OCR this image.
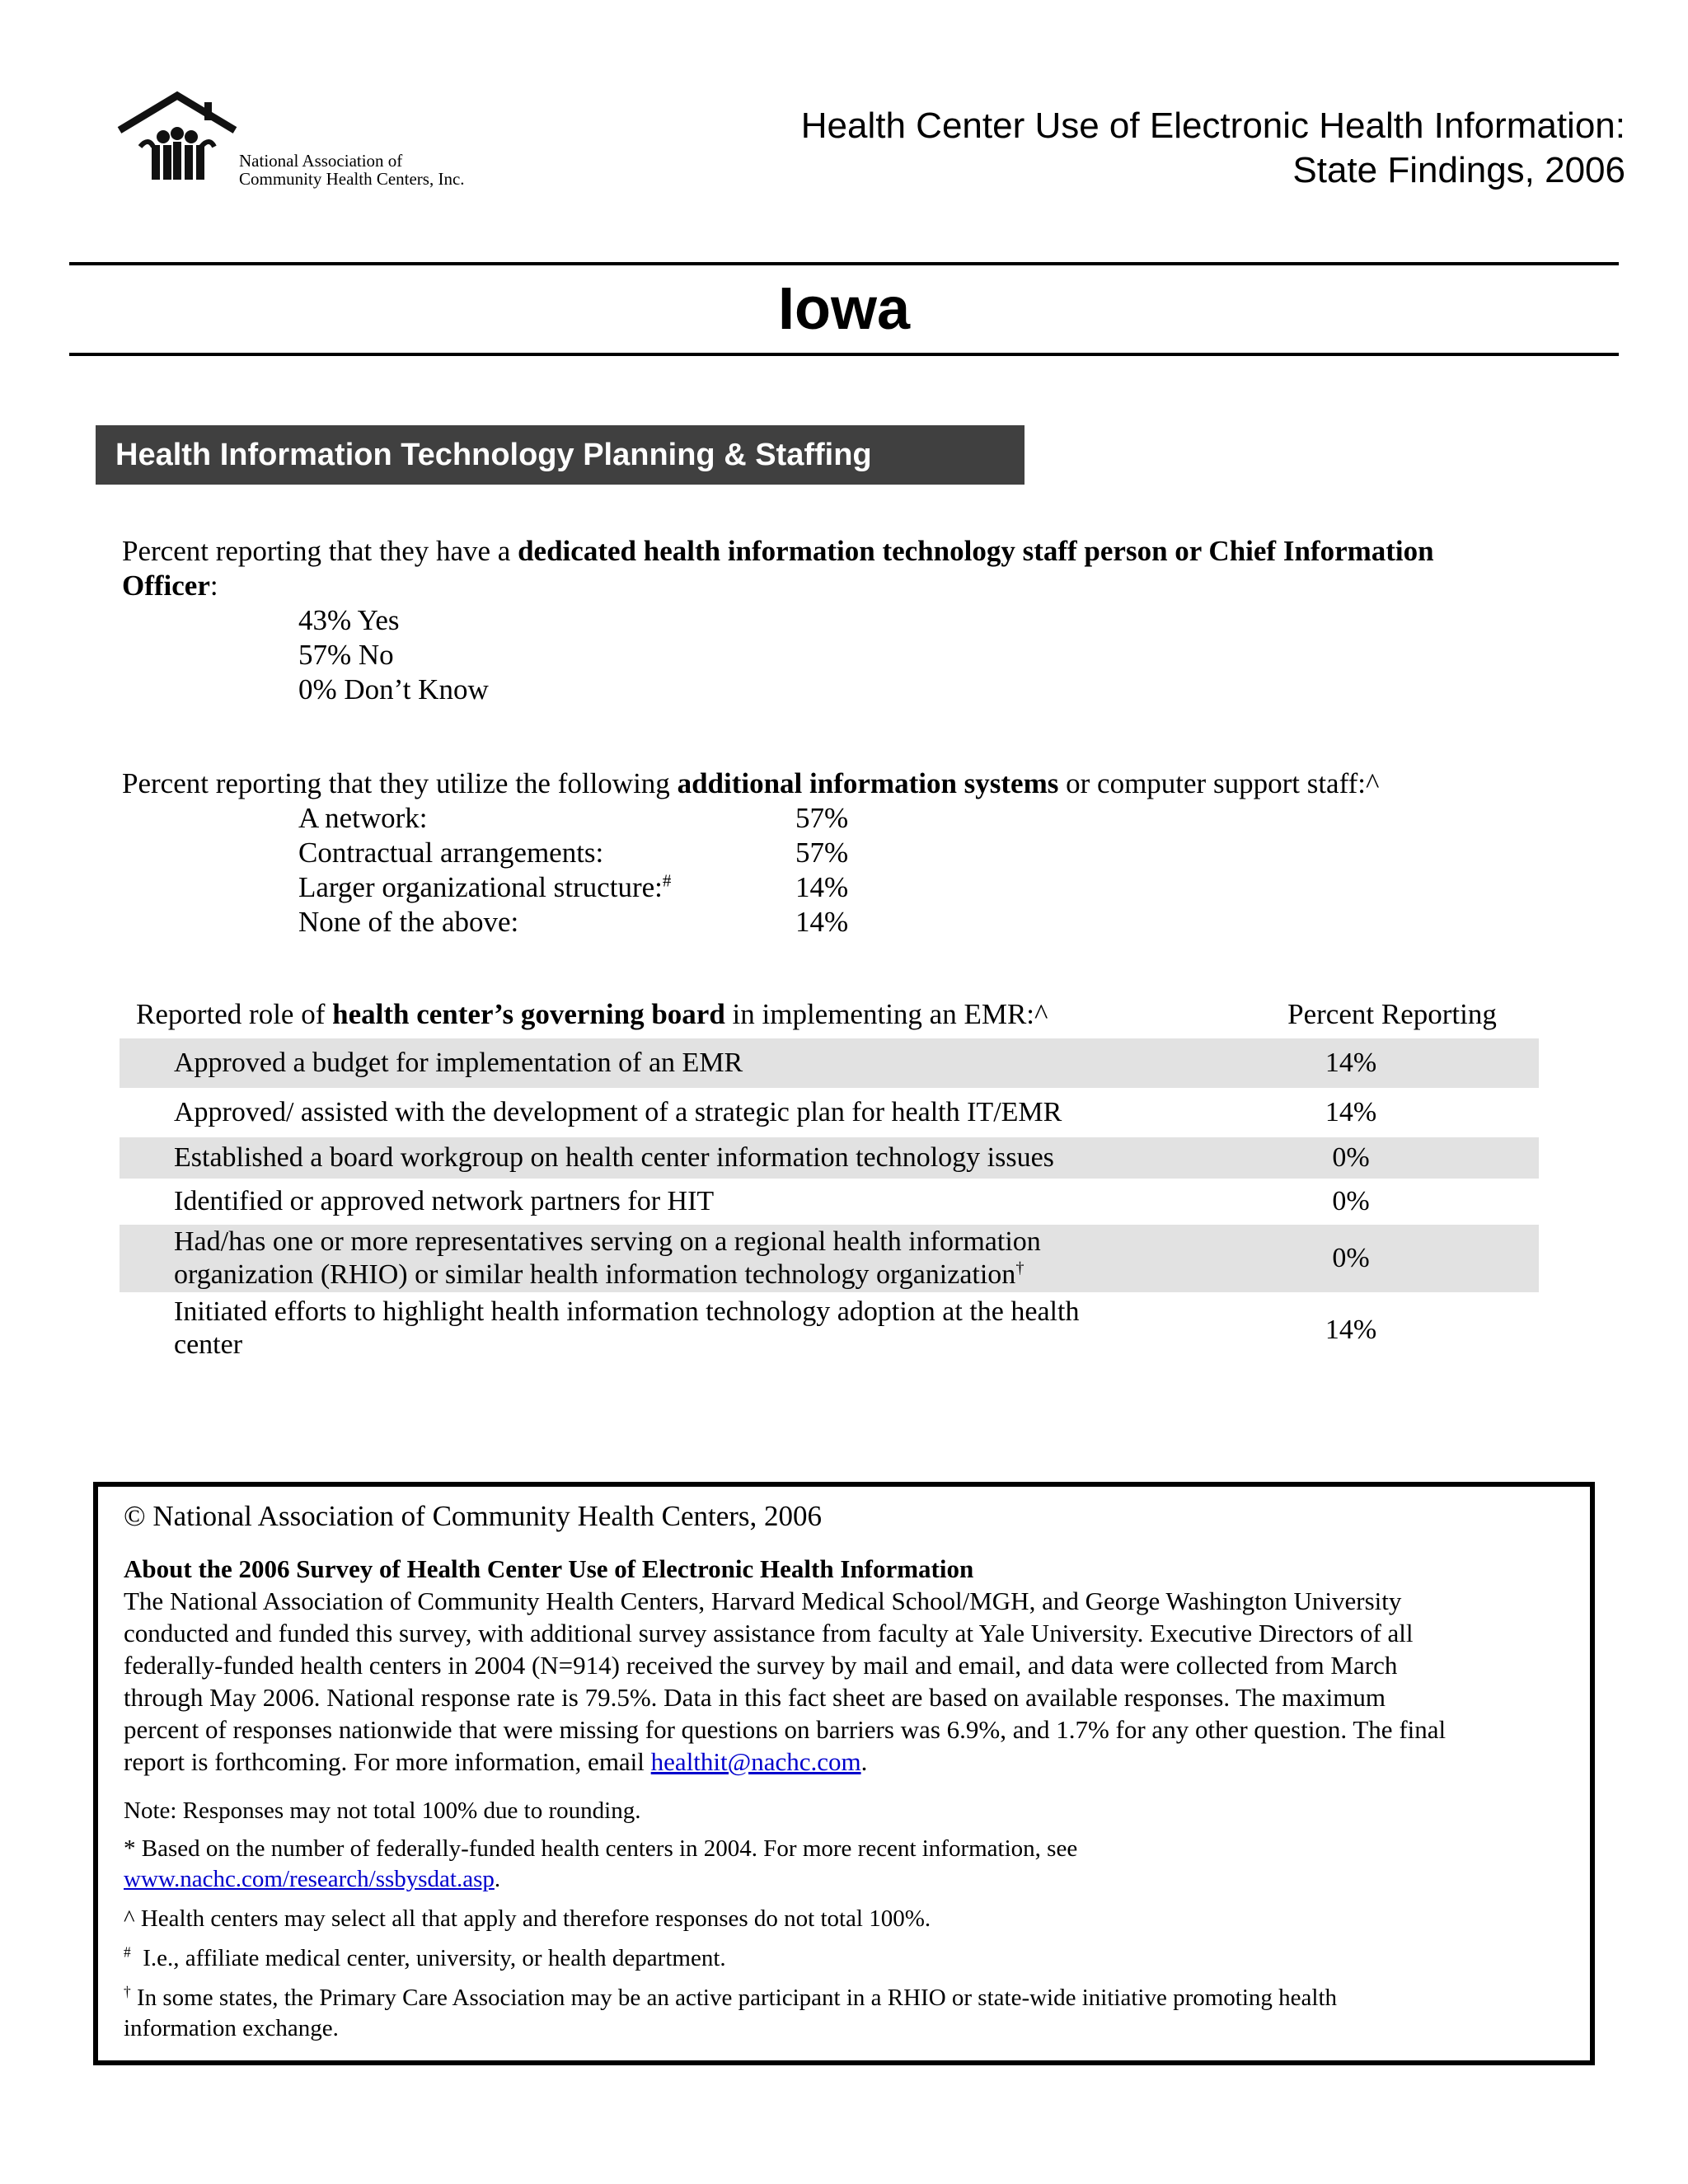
National Association of
Community Health Centers, Inc.
Health Center Use of Electronic Health Information:
State Findings, 2006
Iowa
Health Information Technology Planning & Staffing
Percent reporting that they have a dedicated health information technology staff person or Chief Information
Officer:
43% Yes
57% No
0% Don’t Know
Percent reporting that they utilize the following additional information systems or computer support staff:^
A network:	57%
Contractual arrangements:	57%
Larger organizational structure:#	14%
None of the above:	14%
Reported role of health center’s governing board in implementing an EMR:^	Percent Reporting
Approved a budget for implementation of an EMR	14%
Approved/ assisted with the development of a strategic plan for health IT/EMR	14%
Established a board workgroup on health center information technology issues	0%
Identified or approved network partners for HIT	0%
Had/has one or more representatives serving on a regional health information
organization (RHIO) or similar health information technology organization†	0%
Initiated efforts to highlight health information technology adoption at the health
center	14%
© National Association of Community Health Centers, 2006
About the 2006 Survey of Health Center Use of Electronic Health Information
The National Association of Community Health Centers, Harvard Medical School/MGH, and George Washington University
conducted and funded this survey, with additional survey assistance from faculty at Yale University. Executive Directors of all
federally-funded health centers in 2004 (N=914) received the survey by mail and email, and data were collected from March
through May 2006. National response rate is 79.5%. Data in this fact sheet are based on available responses. The maximum
percent of responses nationwide that were missing for questions on barriers was 6.9%, and 1.7% for any other question. The final
report is forthcoming. For more information, email healthit@nachc.com.
Note: Responses may not total 100% due to rounding.
* Based on the number of federally-funded health centers in 2004. For more recent information, see
www.nachc.com/research/ssbysdat.asp.
^ Health centers may select all that apply and therefore responses do not total 100%.
#  I.e., affiliate medical center, university, or health department.
† In some states, the Primary Care Association may be an active participant in a RHIO or state-wide initiative promoting health
information exchange.
